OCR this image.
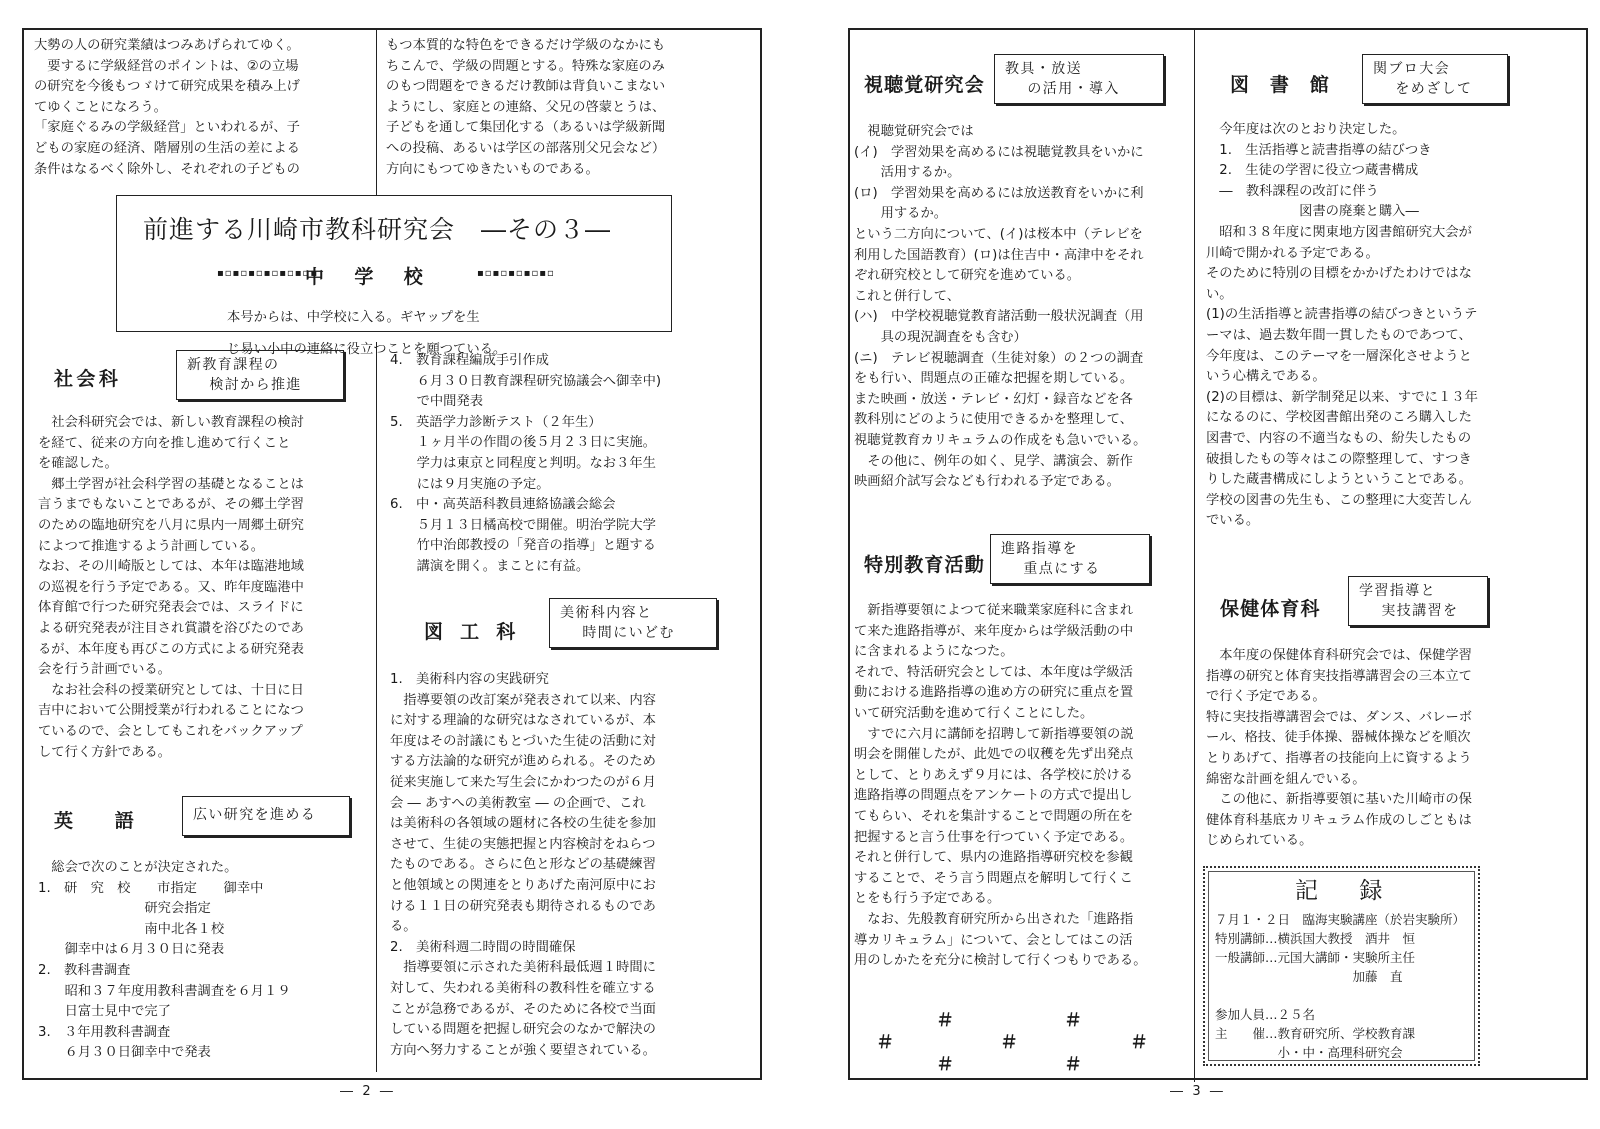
大勢の人の研究業績はつみあげられてゆく。

　要するに学級経営のポイントは、②の立場

の研究を今後もつゞけて研究成果を積み上げ

てゆくことになろう。

「家庭ぐるみの学級経営」といわれるが、子

どもの家庭の経済、階層別の生活の差による

条件はなるべく除外し、それぞれの子どもの

もつ本質的な特色をできるだけ学級のなかにも

ちこんで、学級の問題とする。特殊な家庭のみ

のもつ問題をできるだけ教師は背負いこまない

ようにし、家庭との連絡、父兄の啓蒙とうは、

子どもを通して集団化する（あるいは学級新聞

への投稿、あるいは学区の部落別父兄会など）

方向にもつてゆきたいものである。

前進する川崎市教科研究会　―その３―
▪▫▪▫▪▫▪▫▪▫▪▫▪
中学校 ▪▫▪▫▪▫▪▫▪▫

本号からは、中学校に入る。ギヤップを生

じ易い小中の連絡に役立つことを願つている。

社会科
新教育課程の
検討から推進

　社会科研究会では、新しい教育課程の検討

を経て、従来の方向を推し進めて行くこと

を確認した。

　郷土学習が社会科学習の基礎となることは

言うまでもないことであるが、その郷土学習

のための臨地研究を八月に県内一周郷土研究

によつて推進するよう計画している。

なお、その川崎版としては、本年は臨港地域

の巡視を行う予定である。又、昨年度臨港中

体育館で行つた研究発表会では、スライドに

よる研究発表が注目され賞讃を浴びたのであ

るが、本年度も再びこの方式による研究発表

会を行う計画でいる。

　なお社会科の授業研究としては、十日に日

吉中において公開授業が行われることになつ

ているので、会としてもこれをバックアップ

して行く方針である。

英語 広い研究を進める

　総会で次のことが決定された。

1.　研　究　校　　市指定　　御幸中

　　　　　　　　研究会指定

　　　　　　　　南中北各１校

　　御幸中は６月３０日に発表

2.　教科書調査

　　昭和３７年度用教科書調査を６月１９

　　日富士見中で完了

3.　３年用教科書調査

　　６月３０日御幸中で発表

4.　教育課程編成手引作成

　　６月３０日教育課程研究協議会へ御幸中)

　　で中間発表

5.　英語学力診断テスト（２年生）

　　１ヶ月半の作間の後５月２３日に実施。

　　学力は東京と同程度と判明。なお３年生

　　には９月実施の予定。

6.　中・高英語科教員連絡協議会総会

　　５月１３日橘高校で開催。明治学院大学

　　竹中治郎教授の「発音の指導」と題する

　　講演を開く。まことに有益。

図工科
美術科内容と
時間にいどむ

1.　美術科内容の実践研究

　指導要領の改訂案が発表されて以来、内容

に対する理論的な研究はなされているが、本

年度はその討議にもとづいた生徒の活動に対

する方法論的な研究が進められる。そのため

従来実施して来た写生会にかわつたのが６月

会 ― あすへの美術教室 ― の企画で、これ

は美術科の各領域の題材に各校の生徒を参加

させて、生徒の実態把握と内容検討をねらつ

たものである。さらに色と形などの基礎練習

と他領域との関連をとりあげた南河原中にお

ける１１日の研究発表も期待されるものであ

る。

2.　美術科週二時間の時間確保

　指導要領に示された美術科最低週１時間に

対して、失われる美術科の教科性を確立する

ことが急務であるが、そのために各校で当面

している問題を把握し研究会のなかで解決の

方向へ努力することが強く要望されている。

― 2 ―
視聴覚研究会
教具・放送
の活用・導入

　視聴覚研究会では

(イ)　学習効果を高めるには視聴覚教具をいかに

　　活用するか。

(ロ)　学習効果を高めるには放送教育をいかに利

　　用するか。

という二方向について、(イ)は桜本中（テレビを

利用した国語教育）(ロ)は住吉中・高津中をそれ

ぞれ研究校として研究を進めている。

これと併行して、

(ハ)　中学校視聴覚教育諸活動一般状況調査（用

　　具の現況調査をも含む）

(ニ)　テレビ視聴調査（生徒対象）の２つの調査

をも行い、問題点の正確な把握を期している。

また映画・放送・テレビ・幻灯・録音などを各

教科別にどのように使用できるかを整理して、

視聴覚教育カリキュラムの作成をも急いでいる。

　その他に、例年の如く、見学、講演会、新作

映画紹介試写会なども行われる予定である。

特別教育活動
進路指導を
重点にする

　新指導要領によつて従来職業家庭科に含まれ

て来た進路指導が、来年度からは学級活動の中

に含まれるようになつた。

それで、特活研究会としては、本年度は学級活

動における進路指導の進め方の研究に重点を置

いて研究活動を進めて行くことにした。

　すでに六月に講師を招聘して新指導要領の説

明会を開催したが、此処での収穫を先ず出発点

として、とりあえず９月には、各学校に於ける

進路指導の問題点をアンケートの方式で提出し

てもらい、それを集計することで問題の所在を

把握すると言う仕事を行つていく予定である。

それと併行して、県内の進路指導研究校を参観

することで、そう言う問題点を解明して行くこ

とをも行う予定である。

　なお、先般教育研究所から出された「進路指

導カリキュラム」について、会としてはこの活

用のしかたを充分に検討して行くつもりである。

＃	＃
＃	＃	＃
＃	＃
図書館
関ブロ大会
をめざして

　今年度は次のとおり決定した。

　1.　生活指導と読書指導の結びつき

　2.　生徒の学習に役立つ蔵書構成

　―　教科課程の改訂に伴う

　　　　　　　図書の廃棄と購入―

　昭和３８年度に関東地方図書館研究大会が

川崎で開かれる予定である。

そのために特別の目標をかかげたわけではな

い。

(1)の生活指導と読書指導の結びつきというテ

ーマは、過去数年間一貫したものであつて、

今年度は、このテーマを一層深化させようと

いう心構えである。

(2)の目標は、新学制発足以来、すでに１３年

になるのに、学校図書館出発のころ購入した

図書で、内容の不適当なもの、紛失したもの

破損したもの等々はこの際整理して、すつき

りした蔵書構成にしようということである。

学校の図書の先生も、この整理に大変苦しん

でいる。

保健体育科
学習指導と
実技講習を

　本年度の保健体育科研究会では、保健学習

指導の研究と体育実技指導講習会の三本立て

で行く予定である。

特に実技指導講習会では、ダンス、バレーボ

ール、格技、徒手体操、器械体操などを順次

とりあげて、指導者の技能向上に資するよう

綿密な計画を組んでいる。

　この他に、新指導要領に基いた川崎市の保

健体育科基底カリキュラム作成のしごともは

じめられている。

記録

７月１・２日　臨海実験講座（於岩実験所）

特別講師…横浜国大教授　酒井　恒

一般講師…元国大講師・実験所主任

　　　　　　　　　　　加藤　直

参加人員…２５名

主　　催…教育研究所、学校教育課

　　　　　小・中・高理科研究会

― 3 ―
